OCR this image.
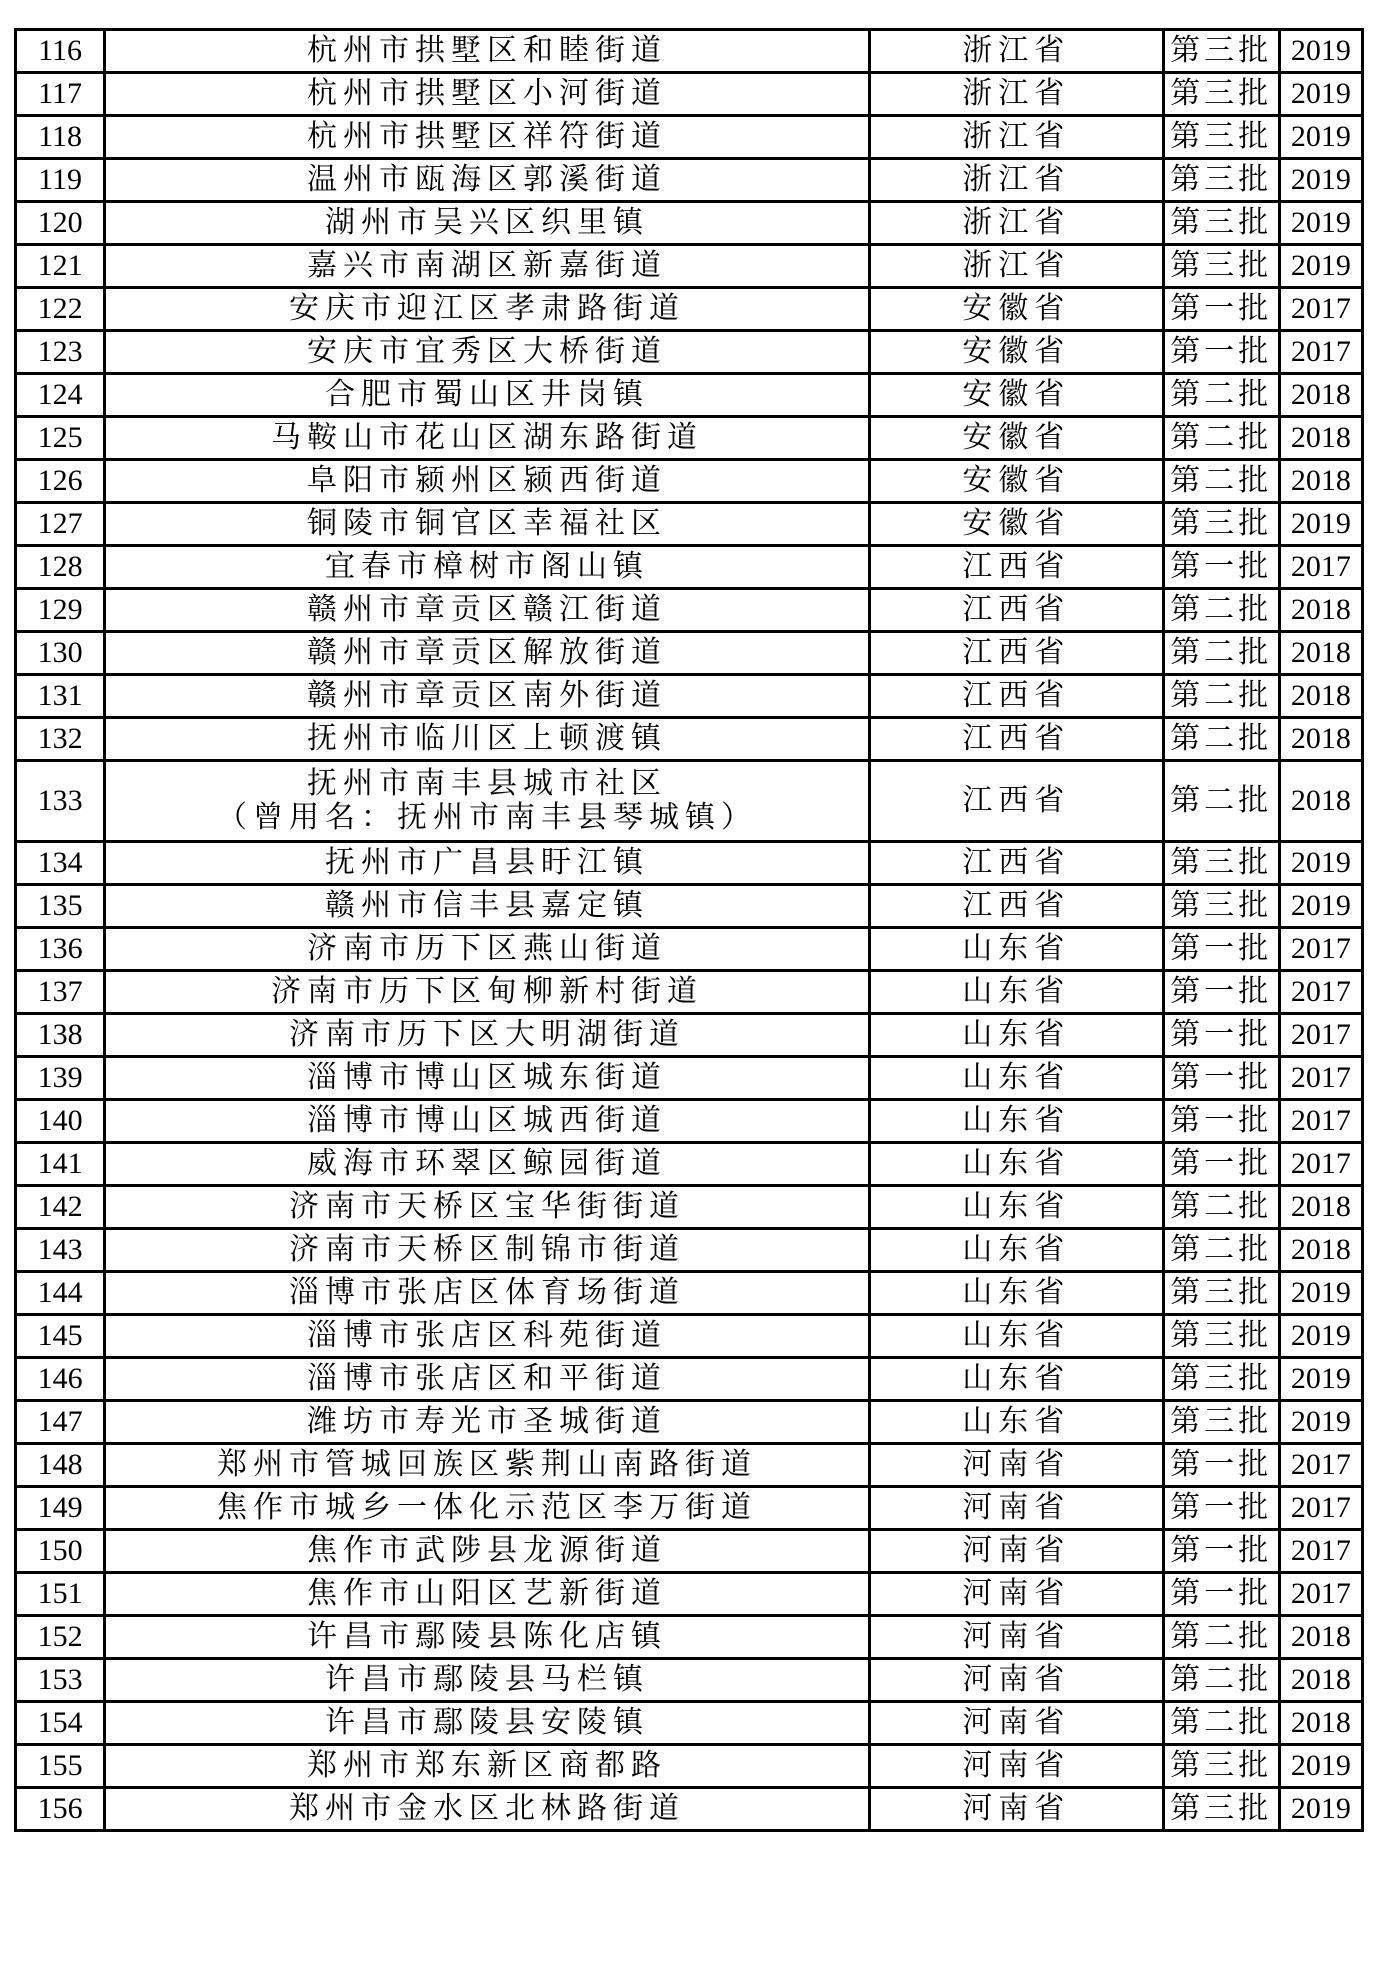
116	杭州市拱墅区和睦街道	浙江省	第三批	2019
117	杭州市拱墅区小河街道	浙江省	第三批	2019
118	杭州市拱墅区祥符街道	浙江省	第三批	2019
119	温州市瓯海区郭溪街道	浙江省	第三批	2019
120	湖州市吴兴区织里镇	浙江省	第三批	2019
121	嘉兴市南湖区新嘉街道	浙江省	第三批	2019
122	安庆市迎江区孝肃路街道	安徽省	第一批	2017
123	安庆市宜秀区大桥街道	安徽省	第一批	2017
124	合肥市蜀山区井岗镇	安徽省	第二批	2018
125	马鞍山市花山区湖东路街道	安徽省	第二批	2018
126	阜阳市颍州区颍西街道	安徽省	第二批	2018
127	铜陵市铜官区幸福社区	安徽省	第三批	2019
128	宜春市樟树市阁山镇	江西省	第一批	2017
129	赣州市章贡区赣江街道	江西省	第二批	2018
130	赣州市章贡区解放街道	江西省	第二批	2018
131	赣州市章贡区南外街道	江西省	第二批	2018
132	抚州市临川区上顿渡镇	江西省	第二批	2018
133	抚州市南丰县城市社区
（曾用名：抚州市南丰县琴城镇）	江西省	第二批	2018
134	抚州市广昌县盱江镇	江西省	第三批	2019
135	赣州市信丰县嘉定镇	江西省	第三批	2019
136	济南市历下区燕山街道	山东省	第一批	2017
137	济南市历下区甸柳新村街道	山东省	第一批	2017
138	济南市历下区大明湖街道	山东省	第一批	2017
139	淄博市博山区城东街道	山东省	第一批	2017
140	淄博市博山区城西街道	山东省	第一批	2017
141	威海市环翠区鲸园街道	山东省	第一批	2017
142	济南市天桥区宝华街街道	山东省	第二批	2018
143	济南市天桥区制锦市街道	山东省	第二批	2018
144	淄博市张店区体育场街道	山东省	第三批	2019
145	淄博市张店区科苑街道	山东省	第三批	2019
146	淄博市张店区和平街道	山东省	第三批	2019
147	潍坊市寿光市圣城街道	山东省	第三批	2019
148	郑州市管城回族区紫荆山南路街道	河南省	第一批	2017
149	焦作市城乡一体化示范区李万街道	河南省	第一批	2017
150	焦作市武陟县龙源街道	河南省	第一批	2017
151	焦作市山阳区艺新街道	河南省	第一批	2017
152	许昌市鄢陵县陈化店镇	河南省	第二批	2018
153	许昌市鄢陵县马栏镇	河南省	第二批	2018
154	许昌市鄢陵县安陵镇	河南省	第二批	2018
155	郑州市郑东新区商都路	河南省	第三批	2019
156	郑州市金水区北林路街道	河南省	第三批	2019
